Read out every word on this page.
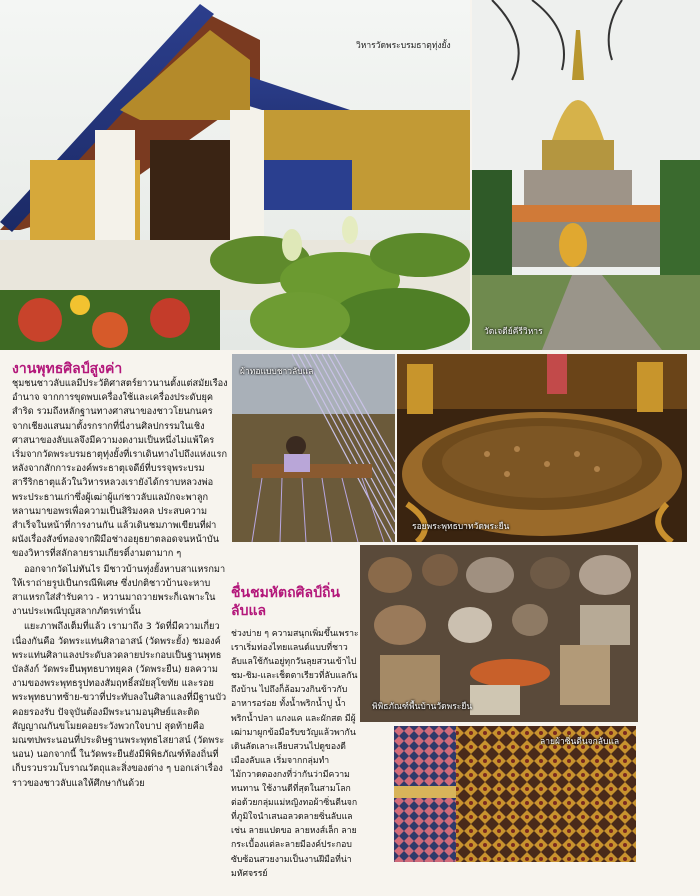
วิหารวัดพระบรมธาตุทุ่งยั้ง
วัดเจดีย์คีรีวิหาร
งานพุทธศิลป์สูงค่า

ชุมชนชาวลับแลมีประวัติศาสตร์ยาวนานตั้งแต่สมัยเรืองอำนาจ จากการขุดพบเครื่องใช้และเครื่องประดับยุคสำริด รวมถึงหลักฐานทางศาสนาของชาวโยนกนครจากเชียงแสนมาตั้งรกรากที่นี่งานศิลปกรรมในเชิงศาสนาของลับแลจึงมีความงดงามเป็นหนึ่งไม่แพ้ใคร เริ่มจากวัดพระบรมธาตุทุ่งยั้งที่เราเดินทางไปถึงแห่งแรก หลังจากสักการะองค์พระธาตุเจดีย์ที่บรรจุพระบรมสารีริกธาตุแล้วในวิหารหลวงเรายังได้กราบหลวงพ่อพระประธานเก่าซึ่งผู้เฒ่าผู้แก่ชาวลับแลมักจะพาลูกหลานมาขอพรเพื่อความเป็นสิริมงคล ประสบความสำเร็จในหน้าที่การงานกัน แล้วเดินชมภาพเขียนที่ฝาผนังเรื่องสังข์ทองจากฝีมือช่างอยุธยาตลอดจนหน้าบันของวิหารที่สลักลายรามเกียรติ์งามตามาก ๆ

ออกจากวัดไม่ทันไร มีชาวบ้านทุ่งยั้งหาบสาแหรกมาให้เราถ่ายรูปเป็นกรณีพิเศษ ซึ่งปกติชาวบ้านจะหาบสาแหรกใส่สำรับคาว - หวานมาถวายพระก็เฉพาะในงานประเพณีบุญสลากภัตรเท่านั้น

แยะภาพถึงเต็มที่แล้ว เรามาถึง 3 วัดที่มีความเกี่ยวเนื่องกันคือ วัดพระแท่นศิลาอาสน์ (วัดพระยั้ง) ชมองค์พระแท่นศิลาแลงประดับลวดลายประกอบเป็นฐานพุทธบัลลังก์ วัดพระยืนพุทธบาทยุคล (วัดพระยืน) ยลความงามของพระพุทธรูปทองสัมฤทธิ์สมัยสุโขทัย และรอยพระพุทธบาทซ้าย-ขวาที่ประทับลงในศิลาแลงที่มีฐานบัวคอยรองรับ ปัจจุบันต้องมีพระนามอนุศิษย์และติดสัญญาณกันขโมยคอยระวังพวกใจบาป สุดท้ายคือมณฑปพระนอนที่ประดิษฐานพระพุทธไสยาสน์ (วัดพระนอน) นอกจากนี้ ในวัดพระยืนยังมีพิพิธภัณฑ์ท้องถิ่นที่เก็บรวบรวมโบราณวัตถุและสิ่งของต่าง ๆ บอกเล่าเรื่องราวของชาวลับแลให้ศึกษากันด้วย

ผ้าทอแบบชาวลับแล
รอยพระพุทธบาทวัดพระยืน
ชื่นชมหัตถศิลป์ถิ่นลับแล

ช่วงบ่าย ๆ ความสนุกเพิ่มขึ้นเพราะเราเริ่มท่องไทยแลนด์แบบที่ชาวลับแลใช้กันอยู่ทุกวันลุยสวนเข้าไปชม-ชิม-และเช็ดตาเรียวที่ลับแลกันถึงบ้าน ไปถึงก็ล้อมวงกินข้าวกับอาหารอร่อย ทั้งน้ำพริกน้ำปู น้ำพริกน้ำปลา แกงแค และผักสด มีผู้เฒ่ามาผูกข้อมือรับขวัญแล้วพากันเดินลัดเลาะเลียบสวนไปดูของดีเมืองลับแล เริ่มจากกลุ่มทำไม้กวาดตองกงที่ว่ากันว่ามีความทนทาน ใช้งานดีที่สุดในสามโลก ต่อด้วยกลุ่มแม่หญิงทอผ้าซิ่นตีนจกที่ภูมิใจนำเสนอลวดลายซิ่นลับแลเช่น ลายแปดขอ ลายหงส์เล็ก ลายกระเบื้องแต่ละลายมีองค์ประกอบซับซ้อนสวยงามเป็นงานฝีมือที่น่ามหัศจรรย์

พิพิธภัณฑ์พื้นบ้านวัดพระยืน
ลายผ้าซิ่นตีนจกลับแล
